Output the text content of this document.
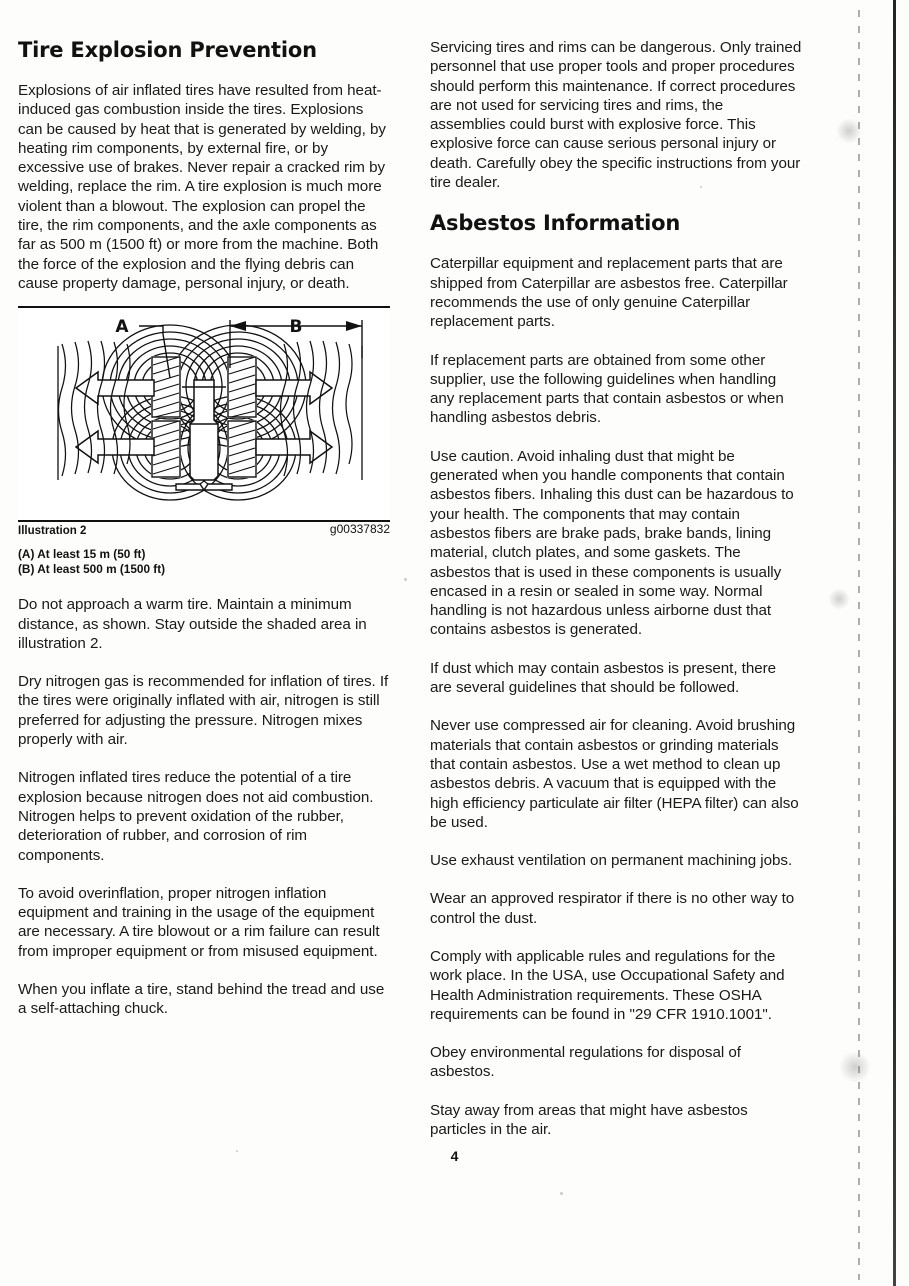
Tire Explosion Prevention

Explosions of air inflated tires have resulted from heat-induced gas combustion inside the tires. Explosions can be caused by heat that is generated by welding, by heating rim components, by external fire, or by excessive use of brakes. Never repair a cracked rim by welding, replace the rim. A tire explosion is much more violent than a blowout. The explosion can propel the tire, the rim components, and the axle components as far as 500 m (1500 ft) or more from the machine. Both the force of the explosion and the flying debris can cause property damage, personal injury, or death.

A	B
Illustration 2	g00337832
(A) At least 15 m (50 ft)
(B) At least 500 m (1500 ft)

Do not approach a warm tire. Maintain a minimum distance, as shown. Stay outside the shaded area in illustration 2.

Dry nitrogen gas is recommended for inflation of tires. If the tires were originally inflated with air, nitrogen is still preferred for adjusting the pressure. Nitrogen mixes properly with air.

Nitrogen inflated tires reduce the potential of a tire explosion because nitrogen does not aid combustion. Nitrogen helps to prevent oxidation of the rubber, deterioration of rubber, and corrosion of rim components.

To avoid overinflation, proper nitrogen inflation equipment and training in the usage of the equipment are necessary. A tire blowout or a rim failure can result from improper equipment or from misused equipment.

When you inflate a tire, stand behind the tread and use a self-attaching chuck.

Servicing tires and rims can be dangerous. Only trained personnel that use proper tools and proper procedures should perform this maintenance. If correct procedures are not used for servicing tires and rims, the assemblies could burst with explosive force. This explosive force can cause serious personal injury or death. Carefully obey the specific instructions from your tire dealer.

Asbestos Information

Caterpillar equipment and replacement parts that are shipped from Caterpillar are asbestos free. Caterpillar recommends the use of only genuine Caterpillar replacement parts.

If replacement parts are obtained from some other supplier, use the following guidelines when handling any replacement parts that contain asbestos or when handling asbestos debris.

Use caution. Avoid inhaling dust that might be generated when you handle components that contain asbestos fibers. Inhaling this dust can be hazardous to your health. The components that may contain asbestos fibers are brake pads, brake bands, lining material, clutch plates, and some gaskets. The asbestos that is used in these components is usually encased in a resin or sealed in some way. Normal handling is not hazardous unless airborne dust that contains asbestos is generated.

If dust which may contain asbestos is present, there are several guidelines that should be followed.

Never use compressed air for cleaning. Avoid brushing materials that contain asbestos or grinding materials that contain asbestos. Use a wet method to clean up asbestos debris. A vacuum that is equipped with the high efficiency particulate air filter (HEPA filter) can also be used.

Use exhaust ventilation on permanent machining jobs.

Wear an approved respirator if there is no other way to control the dust.

Comply with applicable rules and regulations for the work place. In the USA, use Occupational Safety and Health Administration requirements. These OSHA requirements can be found in "29 CFR 1910.1001".

Obey environmental regulations for disposal of asbestos.

Stay away from areas that might have asbestos particles in the air.

4
